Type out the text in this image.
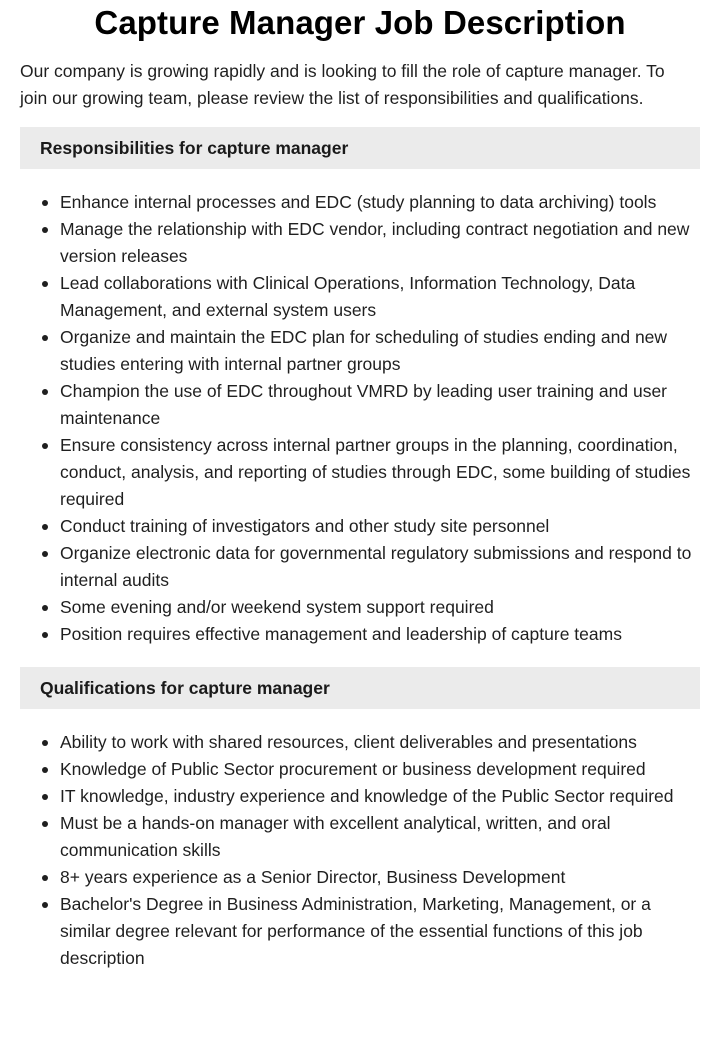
Capture Manager Job Description

Our company is growing rapidly and is looking to fill the role of capture manager. To join our growing team, please review the list of responsibilities and qualifications.

Responsibilities for capture manager
Enhance internal processes and EDC (study planning to data archiving) tools
Manage the relationship with EDC vendor, including contract negotiation and new version releases
Lead collaborations with Clinical Operations, Information Technology, Data Management, and external system users
Organize and maintain the EDC plan for scheduling of studies ending and new studies entering with internal partner groups
Champion the use of EDC throughout VMRD by leading user training and user maintenance
Ensure consistency across internal partner groups in the planning, coordination, conduct, analysis, and reporting of studies through EDC, some building of studies required
Conduct training of investigators and other study site personnel
Organize electronic data for governmental regulatory submissions and respond to internal audits
Some evening and/or weekend system support required
Position requires effective management and leadership of capture teams
Qualifications for capture manager
Ability to work with shared resources, client deliverables and presentations
Knowledge of Public Sector procurement or business development required
IT knowledge, industry experience and knowledge of the Public Sector required
Must be a hands-on manager with excellent analytical, written, and oral communication skills
8+ years experience as a Senior Director, Business Development
Bachelor's Degree in Business Administration, Marketing, Management, or a similar degree relevant for performance of the essential functions of this job description
